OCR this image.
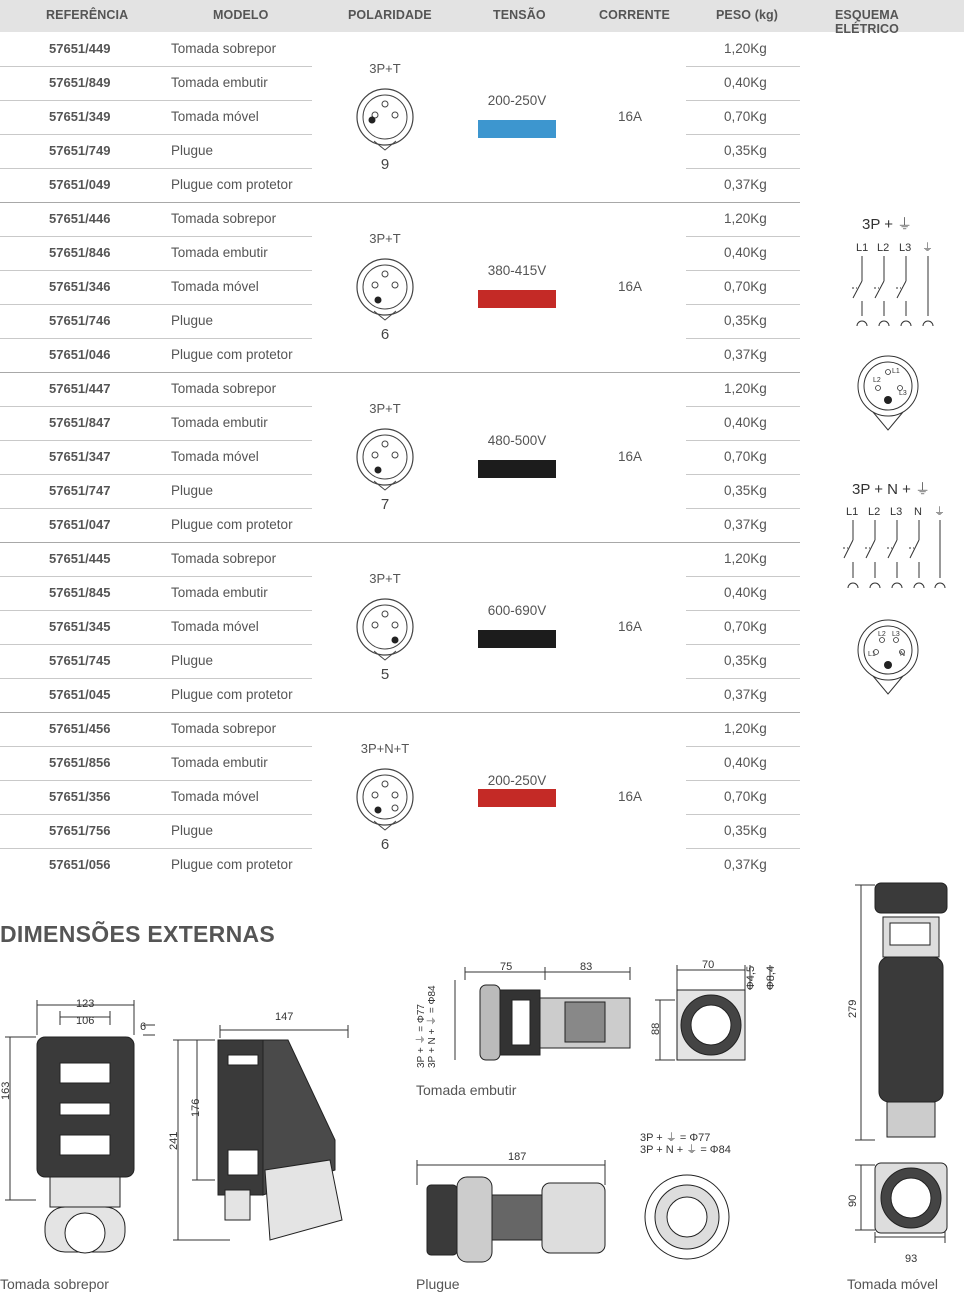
REFERÊNCIA	MODELO	POLARIDADE	TENSÃO	CORRENTE	PESO (kg)	ESQUEMA ELÉTRICO
57651/449	Tomada sobrepor	1,20Kg
57651/849	Tomada embutir	0,40Kg
57651/349	Tomada móvel	0,70Kg
57651/749	Plugue	0,35Kg
57651/049	Plugue com protetor	0,37Kg
3P+T
9
200-250V
16A
57651/446	Tomada sobrepor	1,20Kg
57651/846	Tomada embutir	0,40Kg
57651/346	Tomada móvel	0,70Kg
57651/746	Plugue	0,35Kg
57651/046	Plugue com protetor	0,37Kg
3P+T
6
380-415V
16A
57651/447	Tomada sobrepor	1,20Kg
57651/847	Tomada embutir	0,40Kg
57651/347	Tomada móvel	0,70Kg
57651/747	Plugue	0,35Kg
57651/047	Plugue com protetor	0,37Kg
3P+T
7
480-500V
16A
57651/445	Tomada sobrepor	1,20Kg
57651/845	Tomada embutir	0,40Kg
57651/345	Tomada móvel	0,70Kg
57651/745	Plugue	0,35Kg
57651/045	Plugue com protetor	0,37Kg
3P+T
5
600-690V
16A
57651/456	Tomada sobrepor	1,20Kg
57651/856	Tomada embutir	0,40Kg
57651/356	Tomada móvel	0,70Kg
57651/756	Plugue	0,35Kg
57651/056	Plugue com protetor	0,37Kg
3P+N+T
6
200-250V
16A
3P + ⏚
L1 L2 L3 ⏚
L1
L2
L3
3P + N + ⏚
L1 L2 L3 N ⏚
L2 L3
L1	N
DIMENSÕES EXTERNAS
123
106	6
163
147
176
241
75	83
3P + ⏚ = Φ77
3P + N + ⏚ = Φ84
70
88
Φ4,5 Φ8,4
Tomada embutir
187
3P + ⏚ = Φ77
3P + N + ⏚ = Φ84
279
90
93
Tomada sobrepor	Plugue	Tomada móvel
